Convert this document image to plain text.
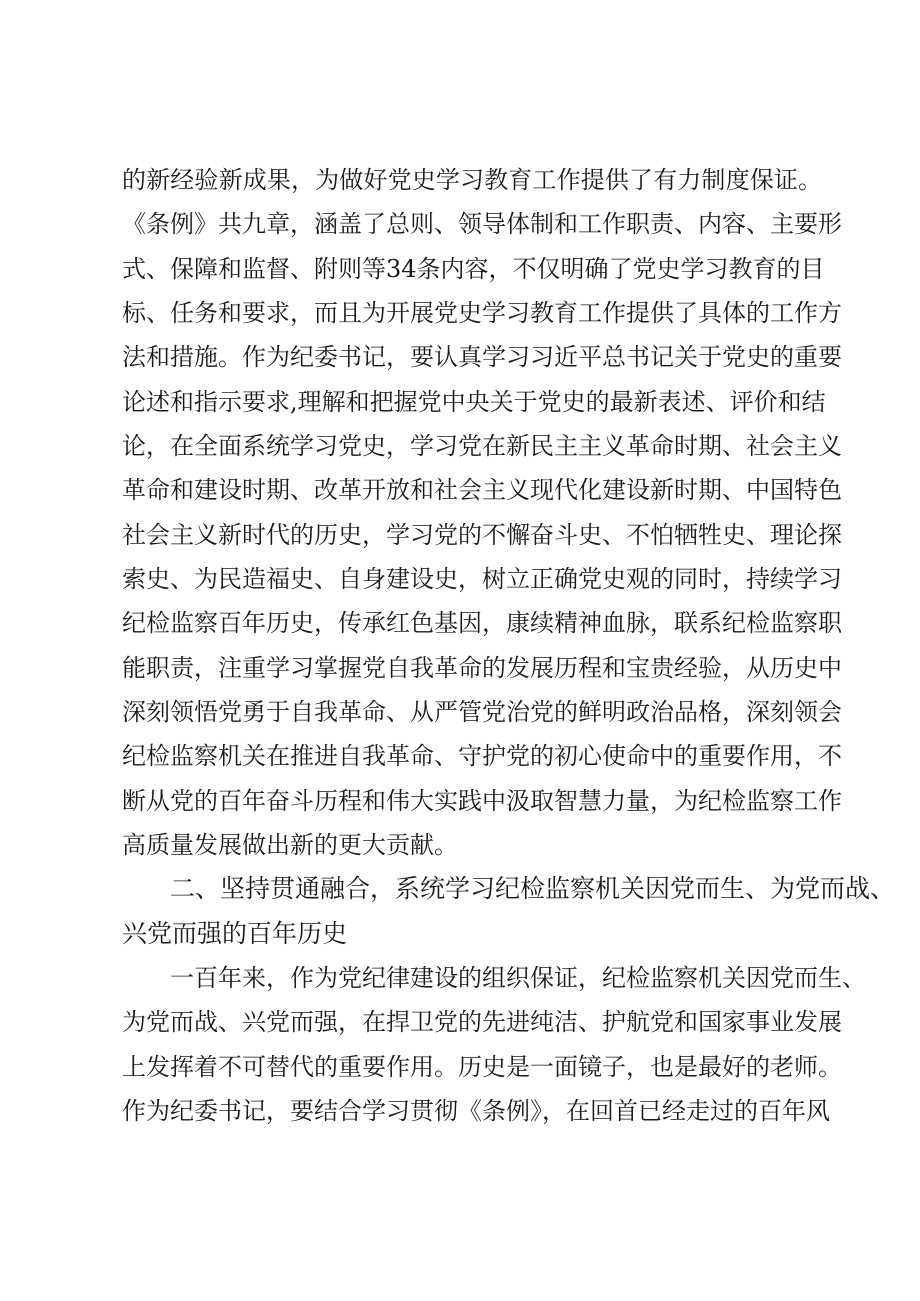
的新经验新成果，为做好党史学习教育工作提供了有力制度保证。
《条例》共九章，涵盖了总则、领导体制和工作职责、内容、主要形
式、保障和监督、附则等34条内容，不仅明确了党史学习教育的目
标、任务和要求，而且为开展党史学习教育工作提供了具体的工作方
法和措施。作为纪委书记，要认真学习习近平总书记关于党史的重要
论述和指示要求,理解和把握党中央关于党史的最新表述、评价和结
论，在全面系统学习党史，学习党在新民主主义革命时期、社会主义
革命和建设时期、改革开放和社会主义现代化建设新时期、中国特色
社会主义新时代的历史，学习党的不懈奋斗史、不怕牺牲史、理论探
索史、为民造福史、自身建设史，树立正确党史观的同时，持续学习
纪检监察百年历史，传承红色基因，康续精神血脉，联系纪检监察职
能职责，注重学习掌握党自我革命的发展历程和宝贵经验，从历史中
深刻领悟党勇于自我革命、从严管党治党的鲜明政治品格，深刻领会
纪检监察机关在推进自我革命、守护党的初心使命中的重要作用，不
断从党的百年奋斗历程和伟大实践中汲取智慧力量，为纪检监察工作
高质量发展做出新的更大贡献。
二、坚持贯通融合，系统学习纪检监察机关因党而生、为党而战、
兴党而强的百年历史
一百年来，作为党纪律建设的组织保证，纪检监察机关因党而生、
为党而战、兴党而强，在捍卫党的先进纯洁、护航党和国家事业发展
上发挥着不可替代的重要作用。历史是一面镜子，也是最好的老师。
作为纪委书记，要结合学习贯彻《条例》，在回首已经走过的百年风
